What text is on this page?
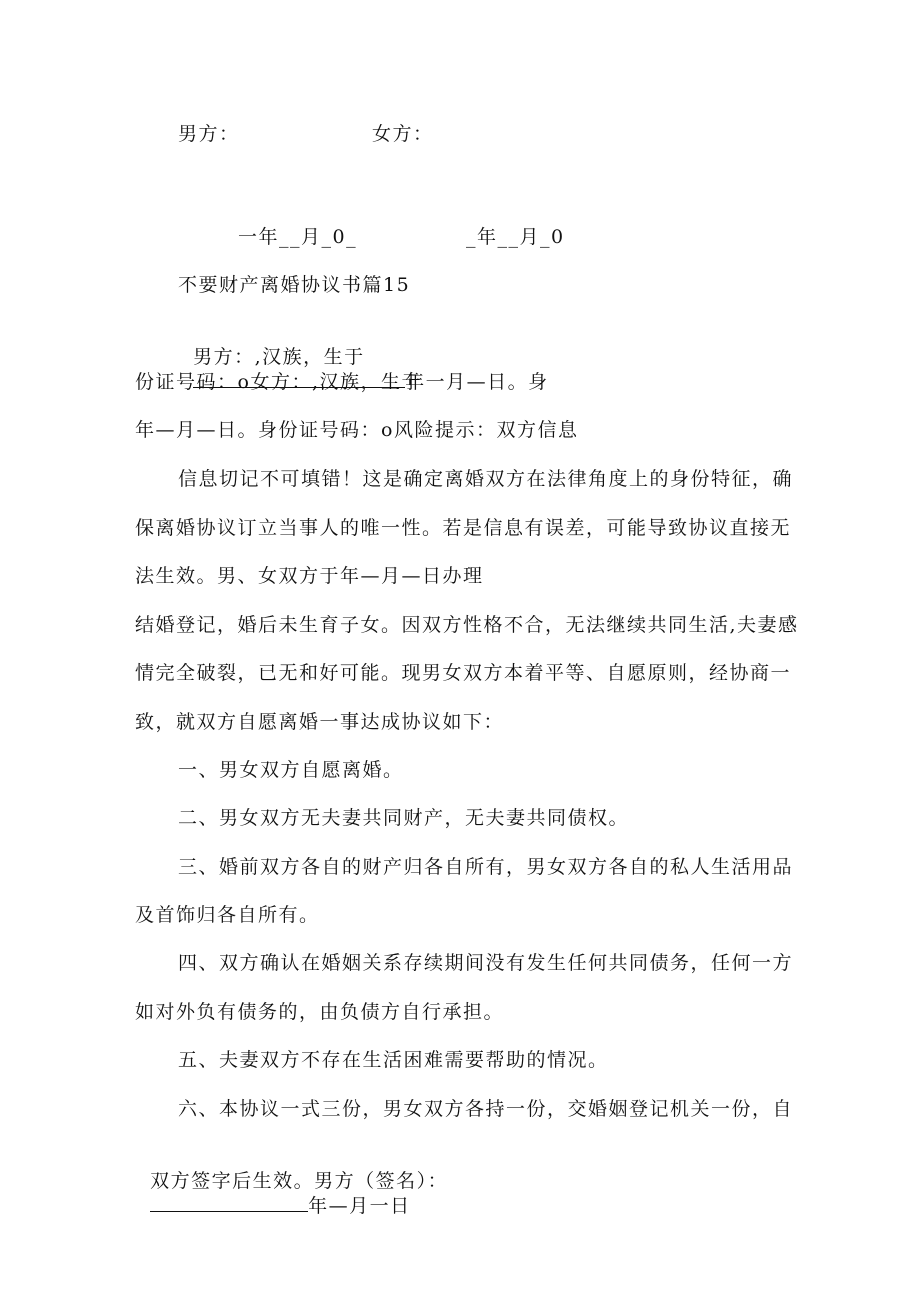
男方：	女方：
一年__月_0_	_年__月_0
不要财产离婚协议书篇15

男方：,汉族，生于
年一月—日。身

份证号码：o女方：,汉族，生于
年—月—日。身份证号码：o风险提示：双方信息
信息切记不可填错！这是确定离婚双方在法律角度上的身份特征，确
保离婚协议订立当事人的唯一性。若是信息有误差，可能导致协议直接无
法生效。男、女双方于年—月—日办理
结婚登记，婚后未生育子女。因双方性格不合，无法继续共同生活,夫妻感
情完全破裂，已无和好可能。现男女双方本着平等、自愿原则，经协商一
致，就双方自愿离婚一事达成协议如下：
一、男女双方自愿离婚。
二、男女双方无夫妻共同财产，无夫妻共同债权。
三、婚前双方各自的财产归各自所有，男女双方各自的私人生活用品
及首饰归各自所有。
四、双方确认在婚姻关系存续期间没有发生任何共同债务，任何一方
如对外负有债务的，由负债方自行承担。
五、夫妻双方不存在生活困难需要帮助的情况。
六、本协议一式三份，男女双方各持一份，交婚姻登记机关一份，自

双方签字后生效。男方（签名）：
年—月一日
